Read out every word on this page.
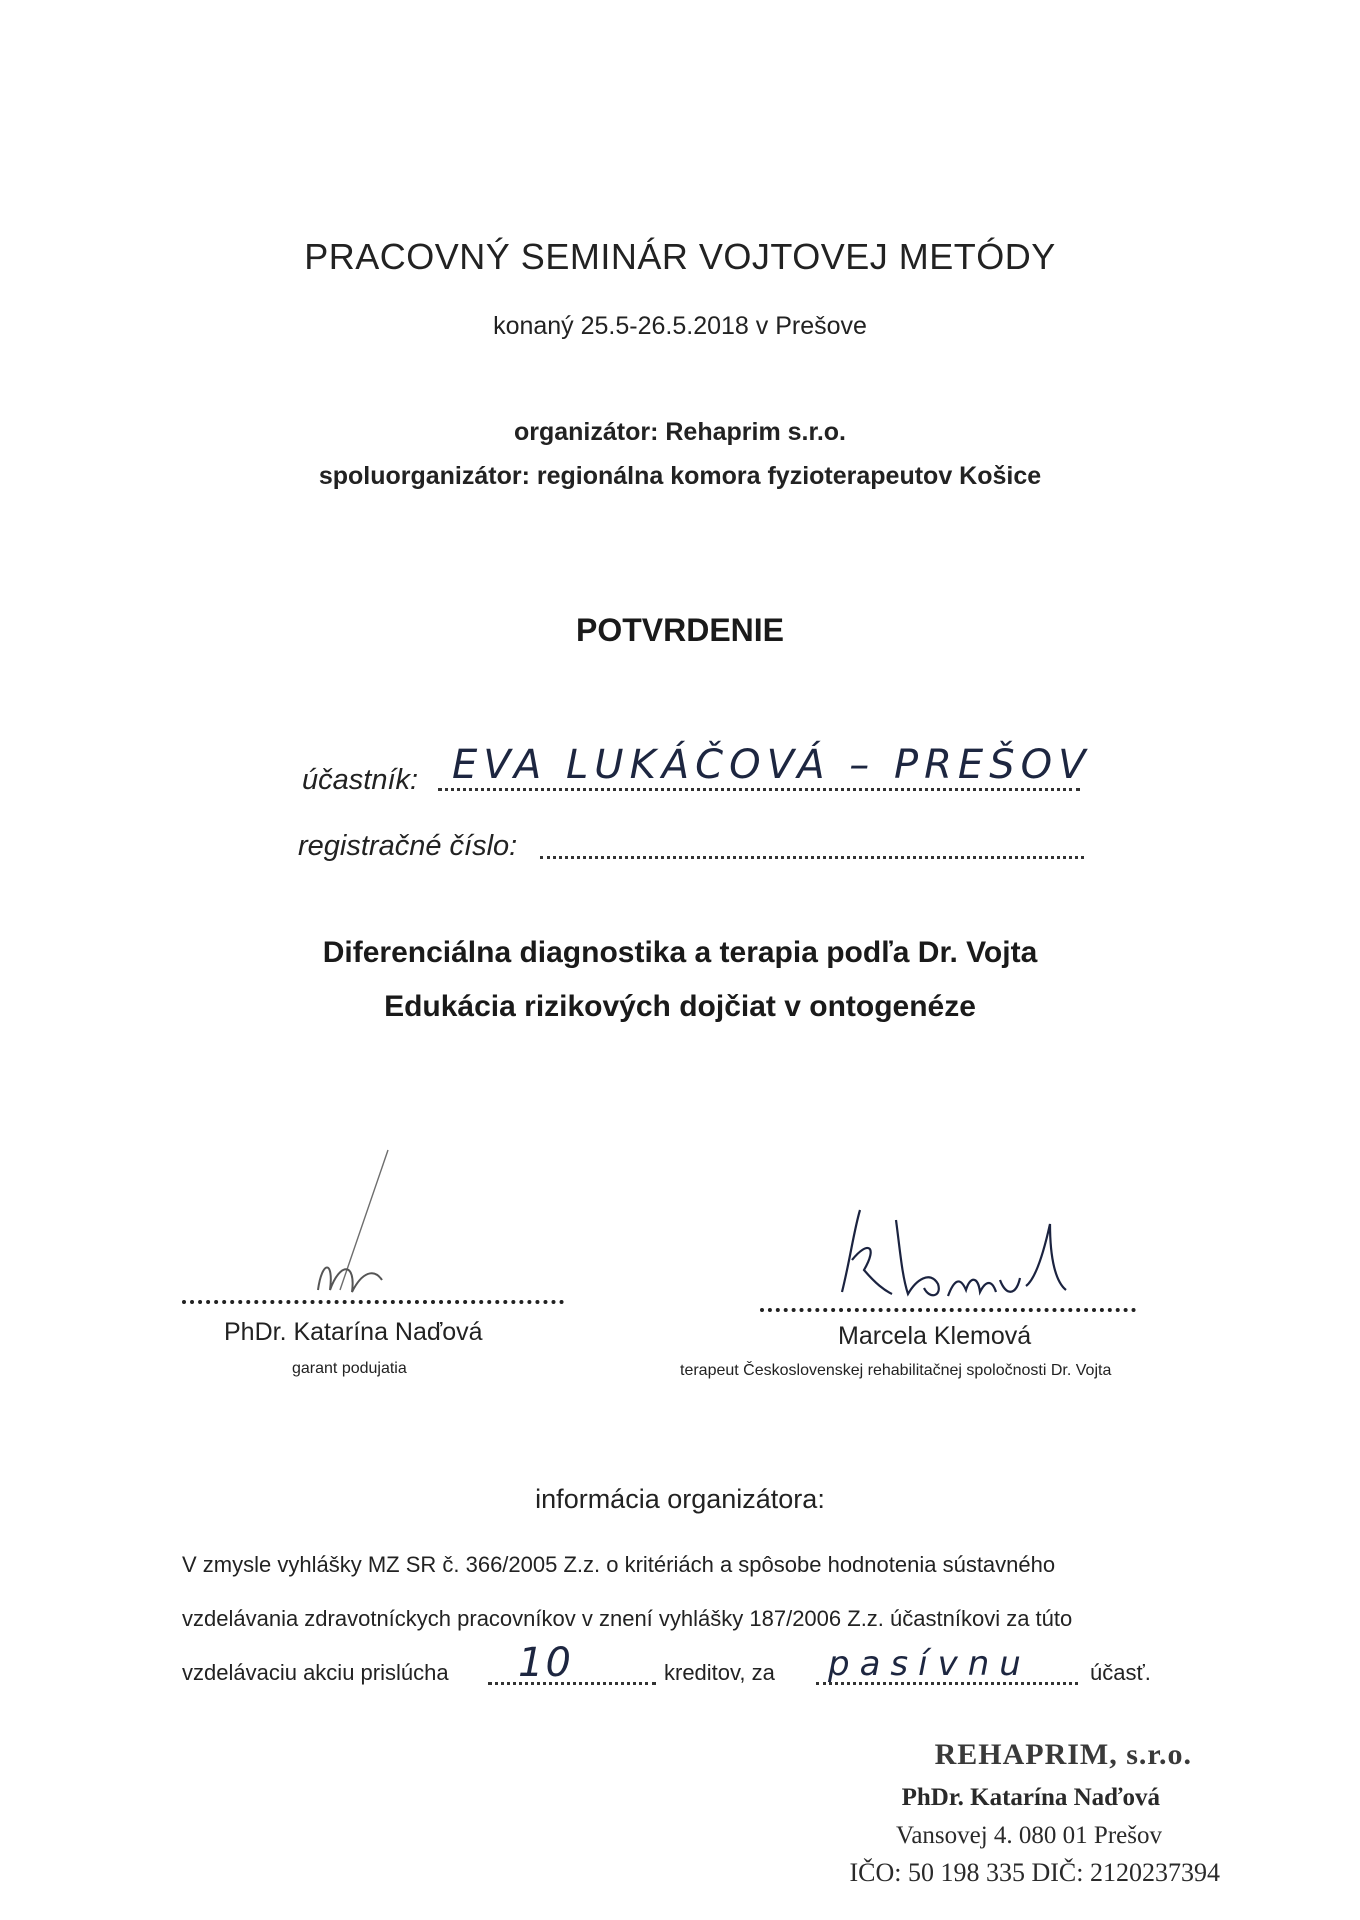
PRACOVNÝ SEMINÁR VOJTOVEJ METÓDY
konaný 25.5-26.5.2018 v Prešove
organizátor: Rehaprim s.r.o.
spoluorganizátor: regionálna komora fyzioterapeutov Košice
POTVRDENIE
účastník: EVA LUKÁČOVÁ – PREŠOV
registračné číslo:
Diferenciálna diagnostika a terapia podľa Dr. Vojta
Edukácia rizikových dojčiat v ontogenéze
PhDr. Katarína Naďová
garant podujatia
Marcela Klemová
terapeut Československej rehabilitačnej spoločnosti Dr. Vojta
informácia organizátora:
V zmysle vyhlášky MZ SR č. 366/2005 Z.z. o kritériách a spôsobe hodnotenia sústavného
vzdelávania zdravotníckych pracovníkov v znení vyhlášky 187/2006 Z.z. účastníkovi za túto
vzdelávaciu akciu prislúcha 10	kreditov, za pasívnu	účasť.
REHAPRIM, s.r.o.
PhDr. Katarína Naďová
Vansovej 4. 080 01 Prešov
IČO: 50 198 335 DIČ: 2120237394
